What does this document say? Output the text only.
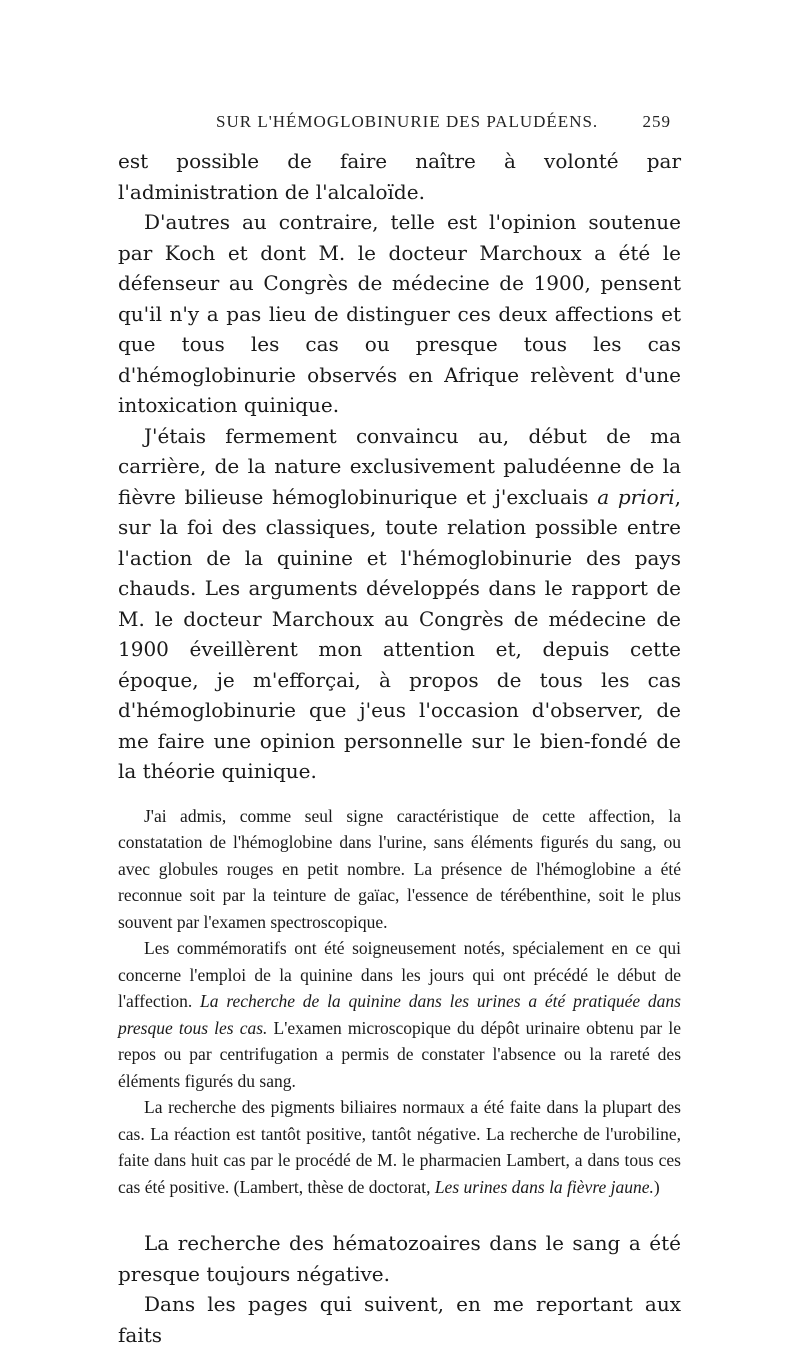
SUR L'HÉMOGLOBINURIE DES PALUDÉENS.	259

est possible de faire naître à volonté par l'administration de l'alcaloïde.

D'autres au contraire, telle est l'opinion soutenue par Koch et dont M. le docteur Marchoux a été le défenseur au Congrès de médecine de 1900, pensent qu'il n'y a pas lieu de distinguer ces deux affections et que tous les cas ou presque tous les cas d'hémoglobinurie observés en Afrique relèvent d'une intoxication quinique.

J'étais fermement convaincu au, début de ma carrière, de la nature exclusivement paludéenne de la fièvre bilieuse hémoglobinurique et j'excluais a priori, sur la foi des classiques, toute relation possible entre l'action de la quinine et l'hémoglobinurie des pays chauds. Les arguments développés dans le rapport de M. le docteur Marchoux au Congrès de médecine de 1900 éveillèrent mon attention et, depuis cette époque, je m'efforçai, à propos de tous les cas d'hémoglobinurie que j'eus l'occasion d'observer, de me faire une opinion personnelle sur le bien-fondé de la théorie quinique.

J'ai admis, comme seul signe caractéristique de cette affection, la constatation de l'hémoglobine dans l'urine, sans éléments figurés du sang, ou avec globules rouges en petit nombre. La présence de l'hémoglobine a été reconnue soit par la teinture de gaïac, l'essence de térébenthine, soit le plus souvent par l'examen spectroscopique.

Les commémoratifs ont été soigneusement notés, spécialement en ce qui concerne l'emploi de la quinine dans les jours qui ont précédé le début de l'affection. La recherche de la quinine dans les urines a été pratiquée dans presque tous les cas. L'examen microscopique du dépôt urinaire obtenu par le repos ou par centrifugation a permis de constater l'absence ou la rareté des éléments figurés du sang.

La recherche des pigments biliaires normaux a été faite dans la plupart des cas. La réaction est tantôt positive, tantôt négative. La recherche de l'urobiline, faite dans huit cas par le procédé de M. le pharmacien Lambert, a dans tous ces cas été positive. (Lambert, thèse de doctorat, Les urines dans la fièvre jaune.)

La recherche des hématozoaires dans le sang a été presque toujours négative.

Dans les pages qui suivent, en me reportant aux faits
